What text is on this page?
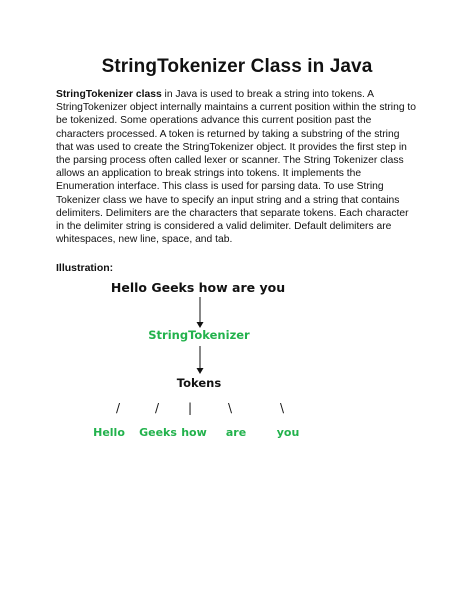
StringTokenizer Class in Java
StringTokenizer class in Java is used to break a string into tokens. A StringTokenizer object internally maintains a current position within the string to be tokenized. Some operations advance this current position past the characters processed. A token is returned by taking a substring of the string that was used to create the StringTokenizer object. It provides the first step in the parsing process often called lexer or scanner. The String Tokenizer class allows an application to break strings into tokens. It implements the Enumeration interface. This class is used for parsing data. To use String Tokenizer class we have to specify an input string and a string that contains delimiters. Delimiters are the characters that separate tokens. Each character in the delimiter string is considered a valid delimiter. Default delimiters are whitespaces, new line, space, and tab.
Illustration:
Hello Geeks how are you
StringTokenizer
Tokens
/	/ |	\	\
Hello Geeks how are	you
